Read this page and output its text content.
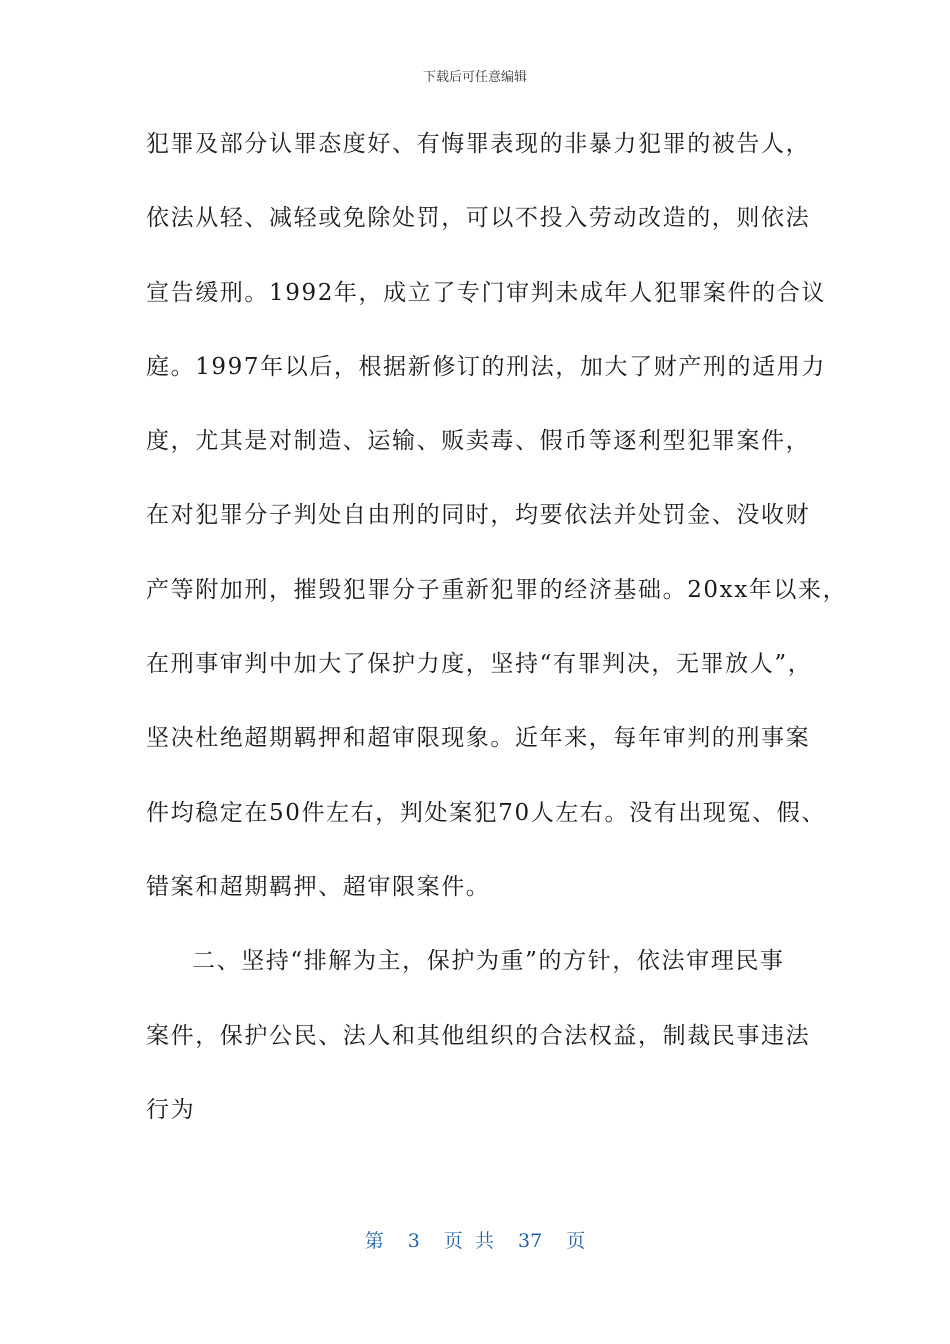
下载后可任意编辑
犯罪及部分认罪态度好、有悔罪表现的非暴力犯罪的被告人，
依法从轻、减轻或免除处罚，可以不投入劳动改造的，则依法
宣告缓刑。1992年，成立了专门审判未成年人犯罪案件的合议
庭。1997年以后，根据新修订的刑法，加大了财产刑的适用力
度，尤其是对制造、运输、贩卖毒、假币等逐利型犯罪案件，
在对犯罪分子判处自由刑的同时，均要依法并处罚金、没收财
产等附加刑，摧毁犯罪分子重新犯罪的经济基础。20xx年以来，
在刑事审判中加大了保护力度，坚持“有罪判决，无罪放人”，
坚决杜绝超期羁押和超审限现象。近年来，每年审判的刑事案
件均稳定在50件左右，判处案犯70人左右。没有出现冤、假、
错案和超期羁押、超审限案件。
二、坚持“排解为主，保护为重”的方针，依法审理民事
案件，保护公民、法人和其他组织的合法权益，制裁民事违法
行为
第 3 页 共 37 页
